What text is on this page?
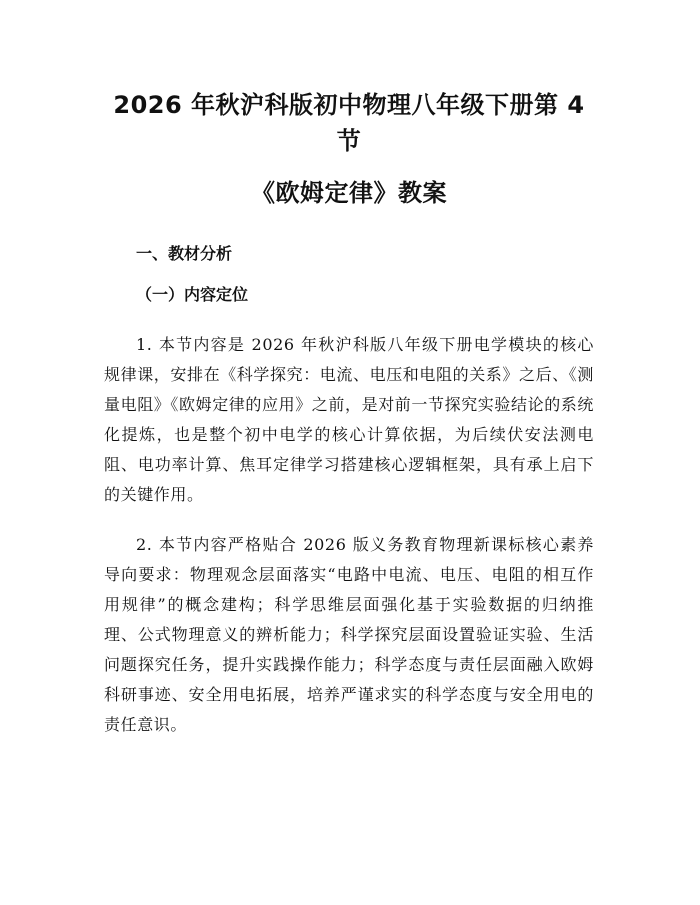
2026 年秋沪科版初中物理八年级下册第 4 节
《欧姆定律》教案
一、教材分析
（一）内容定位

1. 本节内容是 2026 年秋沪科版八年级下册电学模块的核心规律课，安排在《科学探究：电流、电压和电阻的关系》之后、《测量电阻》《欧姆定律的应用》之前，是对前一节探究实验结论的系统化提炼，也是整个初中电学的核心计算依据，为后续伏安法测电阻、电功率计算、焦耳定律学习搭建核心逻辑框架，具有承上启下的关键作用。

2. 本节内容严格贴合 2026 版义务教育物理新课标核心素养导向要求：物理观念层面落实“电路中电流、电压、电阻的相互作用规律”的概念建构；科学思维层面强化基于实验数据的归纳推理、公式物理意义的辨析能力；科学探究层面设置验证实验、生活问题探究任务，提升实践操作能力；科学态度与责任层面融入欧姆科研事迹、安全用电拓展，培养严谨求实的科学态度与安全用电的责任意识。
